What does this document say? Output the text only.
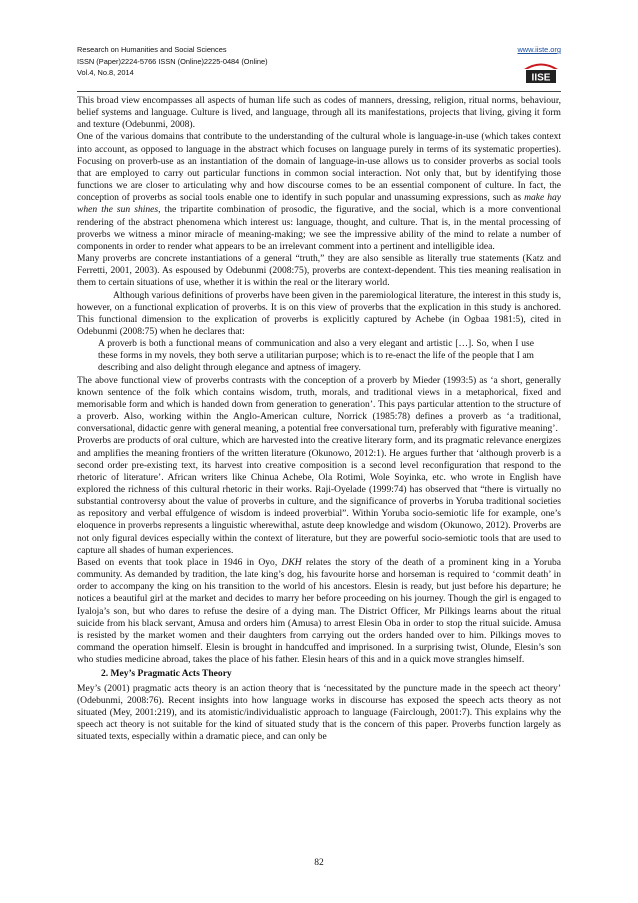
Research on Humanities and Social Sciences
ISSN (Paper)2224-5766 ISSN (Online)2225-0484 (Online)
Vol.4, No.8, 2014
www.iiste.org
IISE

This broad view encompasses all aspects of human life such as codes of manners, dressing, religion, ritual norms, behaviour, belief systems and language. Culture is lived, and language, through all its manifestations, projects that living, giving it form and texture (Odebunmi, 2008).

One of the various domains that contribute to the understanding of the cultural whole is language-in-use (which takes context into account, as opposed to language in the abstract which focuses on language purely in terms of its systematic properties). Focusing on proverb-use as an instantiation of the domain of language-in-use allows us to consider proverbs as social tools that are employed to carry out particular functions in common social interaction. Not only that, but by identifying those functions we are closer to articulating why and how discourse comes to be an essential component of culture. In fact, the conception of proverbs as social tools enable one to identify in such popular and unassuming expressions, such as make hay when the sun shines, the tripartite combination of prosodic, the figurative, and the social, which is a more conventional rendering of the abstract phenomena which interest us: language, thought, and culture. That is, in the mental processing of proverbs we witness a minor miracle of meaning-making; we see the impressive ability of the mind to relate a number of components in order to render what appears to be an irrelevant comment into a pertinent and intelligible idea.

Many proverbs are concrete instantiations of a general “truth,” they are also sensible as literally true statements (Katz and Ferretti, 2001, 2003). As espoused by Odebunmi (2008:75), proverbs are context-dependent. This ties meaning realisation in them to certain situations of use, whether it is within the real or the literary world.

Although various definitions of proverbs have been given in the paremiological literature, the interest in this study is, however, on a functional explication of proverbs. It is on this view of proverbs that the explication in this study is anchored. This functional dimension to the explication of proverbs is explicitly captured by Achebe (in Ogbaa 1981:5), cited in Odebunmi (2008:75) when he declares that:

A proverb is both a functional means of communication and also a very elegant and artistic […]. So, when I use these forms in my novels, they both serve a utilitarian purpose; which is to re-enact the life of the people that I am describing and also delight through elegance and aptness of imagery.

The above functional view of proverbs contrasts with the conception of a proverb by Mieder (1993:5) as ‘a short, generally known sentence of the folk which contains wisdom, truth, morals, and traditional views in a metaphorical, fixed and memorisable form and which is handed down from generation to generation’. This pays particular attention to the structure of a proverb. Also, working within the Anglo-American culture, Norrick (1985:78) defines a proverb as ‘a traditional, conversational, didactic genre with general meaning, a potential free conversational turn, preferably with figurative meaning’.

Proverbs are products of oral culture, which are harvested into the creative literary form, and its pragmatic relevance energizes and amplifies the meaning frontiers of the written literature (Okunowo, 2012:1). He argues further that ‘although proverb is a second order pre-existing text, its harvest into creative composition is a second level reconfiguration that respond to the rhetoric of literature’. African writers like Chinua Achebe, Ola Rotimi, Wole Soyinka, etc. who wrote in English have explored the richness of this cultural rhetoric in their works. Raji-Oyelade (1999:74) has observed that “there is virtually no substantial controversy about the value of proverbs in culture, and the significance of proverbs in Yoruba traditional societies as repository and verbal effulgence of wisdom is indeed proverbial”. Within Yoruba socio-semiotic life for example, one’s eloquence in proverbs represents a linguistic wherewithal, astute deep knowledge and wisdom (Okunowo, 2012). Proverbs are not only figural devices especially within the context of literature, but they are powerful socio-semiotic tools that are used to capture all shades of human experiences.

Based on events that took place in 1946 in Oyo, DKH relates the story of the death of a prominent king in a Yoruba community. As demanded by tradition, the late king’s dog, his favourite horse and horseman is required to ‘commit death’ in order to accompany the king on his transition to the world of his ancestors. Elesin is ready, but just before his departure; he notices a beautiful girl at the market and decides to marry her before proceeding on his journey. Though the girl is engaged to Iyaloja’s son, but who dares to refuse the desire of a dying man. The District Officer, Mr Pilkings learns about the ritual suicide from his black servant, Amusa and orders him (Amusa) to arrest Elesin Oba in order to stop the ritual suicide. Amusa is resisted by the market women and their daughters from carrying out the orders handed over to him. Pilkings moves to command the operation himself. Elesin is brought in handcuffed and imprisoned. In a surprising twist, Olunde, Elesin’s son who studies medicine abroad, takes the place of his father. Elesin hears of this and in a quick move strangles himself.

2. Mey’s Pragmatic Acts Theory

Mey’s (2001) pragmatic acts theory is an action theory that is ‘necessitated by the puncture made in the speech act theory’ (Odebunmi, 2008:76). Recent insights into how language works in discourse has exposed the speech acts theory as not situated (Mey, 2001:219), and its atomistic/individualistic approach to language (Fairclough, 2001:7). This explains why the speech act theory is not suitable for the kind of situated study that is the concern of this paper. Proverbs function largely as situated texts, especially within a dramatic piece, and can only be

82
